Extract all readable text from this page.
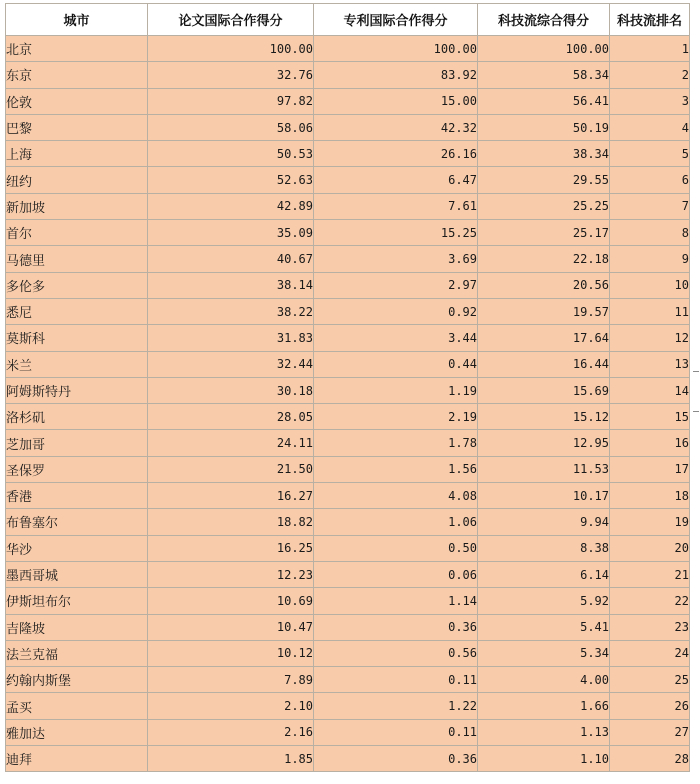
城市	论文国际合作得分	专利国际合作得分	科技流综合得分	科技流排名
北京	100.00	100.00	100.00	1
东京	32.76	83.92	58.34	2
伦敦	97.82	15.00	56.41	3
巴黎	58.06	42.32	50.19	4
上海	50.53	26.16	38.34	5
纽约	52.63	6.47	29.55	6
新加坡	42.89	7.61	25.25	7
首尔	35.09	15.25	25.17	8
马德里	40.67	3.69	22.18	9
多伦多	38.14	2.97	20.56	10
悉尼	38.22	0.92	19.57	11
莫斯科	31.83	3.44	17.64	12
米兰	32.44	0.44	16.44	13
阿姆斯特丹	30.18	1.19	15.69	14
洛杉矶	28.05	2.19	15.12	15
芝加哥	24.11	1.78	12.95	16
圣保罗	21.50	1.56	11.53	17
香港	16.27	4.08	10.17	18
布鲁塞尔	18.82	1.06	9.94	19
华沙	16.25	0.50	8.38	20
墨西哥城	12.23	0.06	6.14	21
伊斯坦布尔	10.69	1.14	5.92	22
吉隆坡	10.47	0.36	5.41	23
法兰克福	10.12	0.56	5.34	24
约翰内斯堡	7.89	0.11	4.00	25
孟买	2.10	1.22	1.66	26
雅加达	2.16	0.11	1.13	27
迪拜	1.85	0.36	1.10	28
